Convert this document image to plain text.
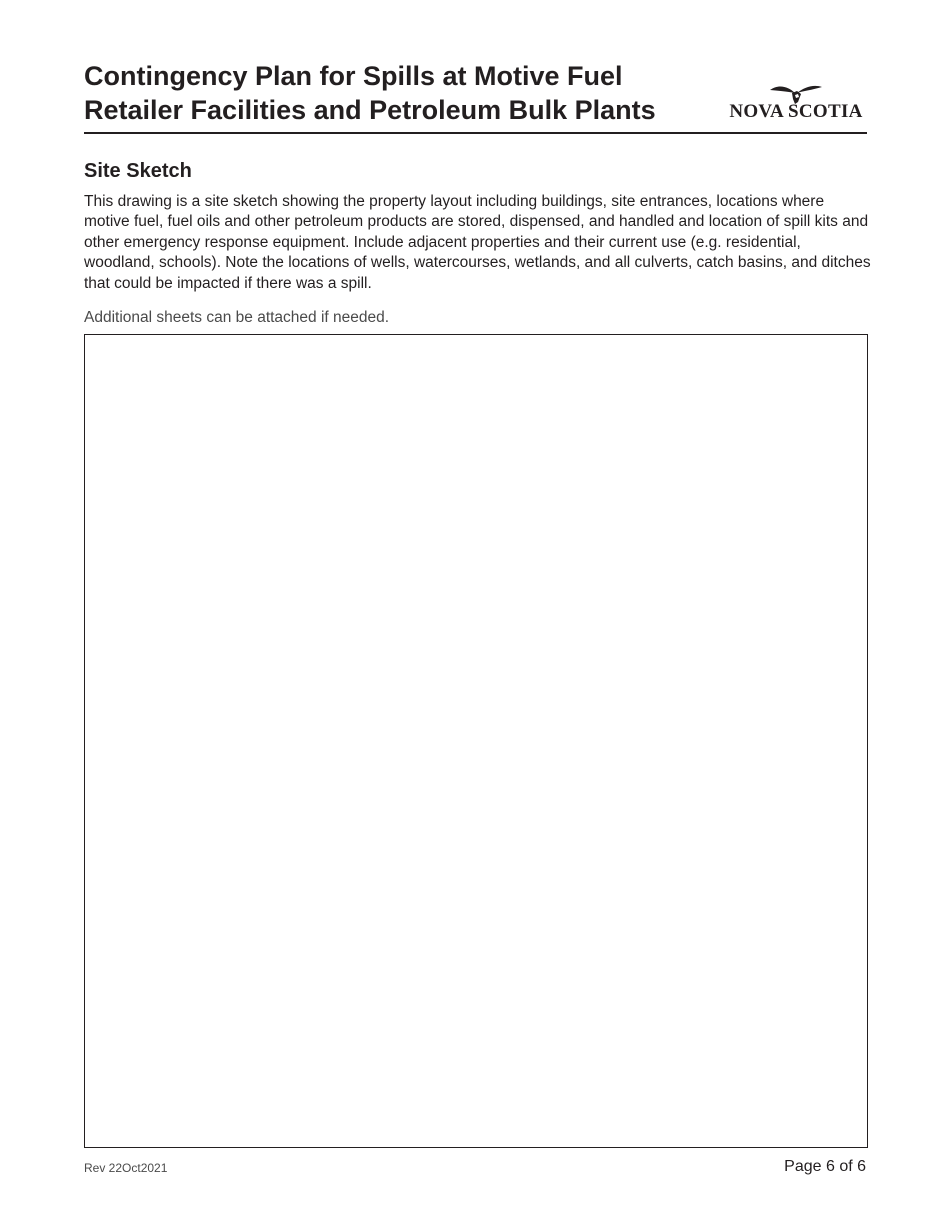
Contingency Plan for Spills at Motive Fuel
Retailer Facilities and Petroleum Bulk Plants	NOVA SCOTIA
Site Sketch

This drawing is a site sketch showing the property layout including buildings, site entrances, locations where motive fuel, fuel oils and other petroleum products are stored, dispensed, and handled and location of spill kits and other emergency response equipment. Include adjacent properties and their current use (e.g. residential, woodland, schools). Note the locations of wells, watercourses, wetlands, and all culverts, catch basins, and ditches that could be impacted if there was a spill.

Additional sheets can be attached if needed.

Rev 22Oct2021	Page 6 of 6
